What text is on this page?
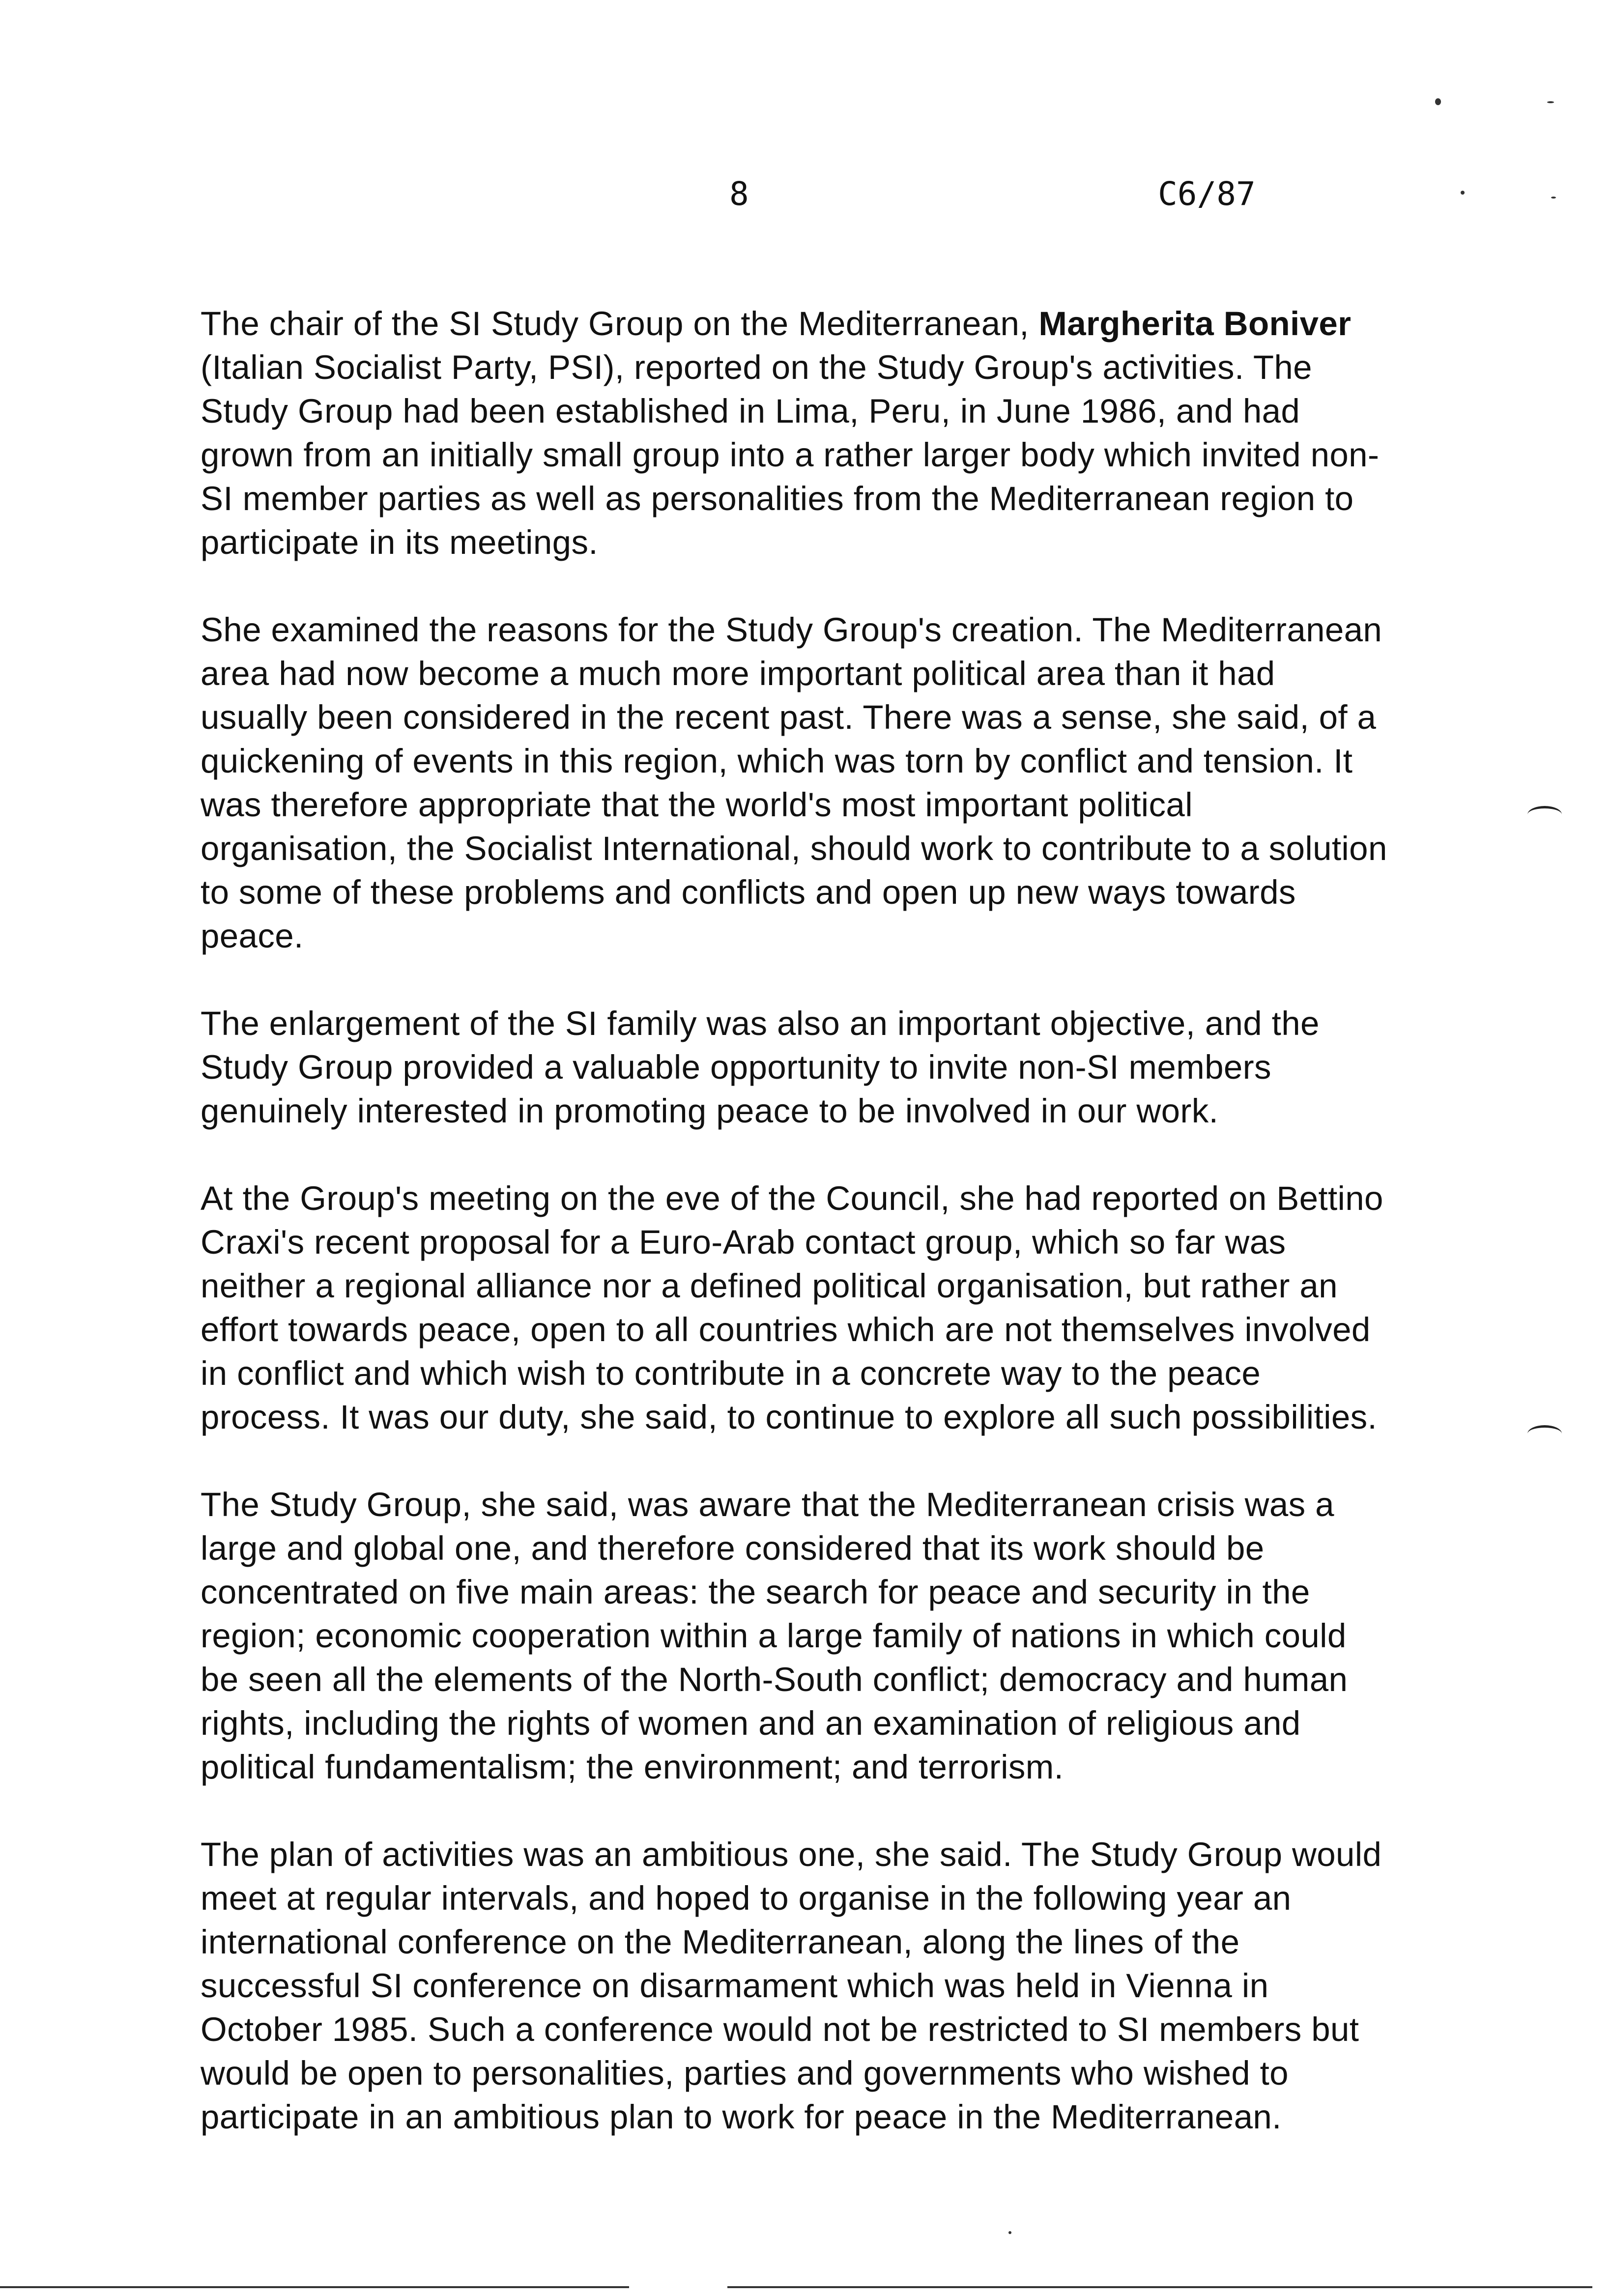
8	C6/87

The chair of the SI Study Group on the Mediterranean, Margherita Boniver (Italian Socialist Party, PSI), reported on the Study Group's activities. The Study Group had been established in Lima, Peru, in June 1986, and had grown from an initially small group into a rather larger body which invited non-SI member parties as well as personalities from the Mediterranean region to participate in its meetings.

She examined the reasons for the Study Group's creation. The Mediterranean area had now become a much more important political area than it had usually been considered in the recent past. There was a sense, she said, of a quickening of events in this region, which was torn by conflict and tension. It was therefore appropriate that the world's most important political organisation, the Socialist International, should work to contribute to a solution to some of these problems and conflicts and open up new ways towards peace.

The enlargement of the SI family was also an important objective, and the Study Group provided a valuable opportunity to invite non-SI members genuinely interested in promoting peace to be involved in our work.

At the Group's meeting on the eve of the Council, she had reported on Bettino Craxi's recent proposal for a Euro-Arab contact group, which so far was neither a regional alliance nor a defined political organisation, but rather an effort towards peace, open to all countries which are not themselves involved in conflict and which wish to contribute in a concrete way to the peace process. It was our duty, she said, to continue to explore all such possibilities.

The Study Group, she said, was aware that the Mediterranean crisis was a large and global one, and therefore considered that its work should be concentrated on five main areas: the search for peace and security in the region; economic cooperation within a large family of nations in which could be seen all the elements of the North-South conflict; democracy and human rights, including the rights of women and an examination of religious and political fundamentalism; the environment; and terrorism.

The plan of activities was an ambitious one, she said. The Study Group would meet at regular intervals, and hoped to organise in the following year an international conference on the Mediterranean, along the lines of the successful SI conference on disarmament which was held in Vienna in October 1985. Such a conference would not be restricted to SI members but would be open to personalities, parties and governments who wished to participate in an ambitious plan to work for peace in the Mediterranean.
